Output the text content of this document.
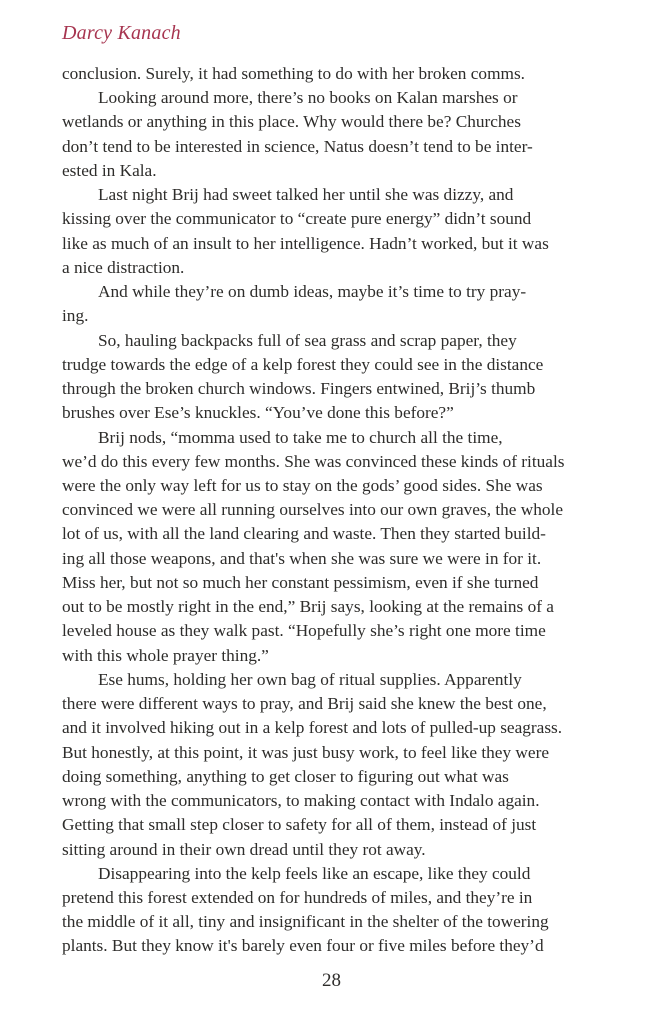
Darcy Kanach
conclusion. Surely, it had something to do with her broken comms.
Looking around more, there’s no books on Kalan marshes or
wetlands or anything in this place. Why would there be? Churches
don’t tend to be interested in science, Natus doesn’t tend to be inter-
ested in Kala.
Last night Brij had sweet talked her until she was dizzy, and
kissing over the communicator to “create pure energy” didn’t sound
like as much of an insult to her intelligence. Hadn’t worked, but it was
a nice distraction.
And while they’re on dumb ideas, maybe it’s time to try pray-
ing.
So, hauling backpacks full of sea grass and scrap paper, they
trudge towards the edge of a kelp forest they could see in the distance
through the broken church windows. Fingers entwined, Brij’s thumb
brushes over Ese’s knuckles. “You’ve done this before?”
Brij nods, “momma used to take me to church all the time,
we’d do this every few months. She was convinced these kinds of rituals
were the only way left for us to stay on the gods’ good sides. She was
convinced we were all running ourselves into our own graves, the whole
lot of us, with all the land clearing and waste. Then they started build-
ing all those weapons, and that's when she was sure we were in for it.
Miss her, but not so much her constant pessimism, even if she turned
out to be mostly right in the end,” Brij says, looking at the remains of a
leveled house as they walk past. “Hopefully she’s right one more time
with this whole prayer thing.”
Ese hums, holding her own bag of ritual supplies. Apparently
there were different ways to pray, and Brij said she knew the best one,
and it involved hiking out in a kelp forest and lots of pulled-up seagrass.
But honestly, at this point, it was just busy work, to feel like they were
doing something, anything to get closer to figuring out what was
wrong with the communicators, to making contact with Indalo again.
Getting that small step closer to safety for all of them, instead of just
sitting around in their own dread until they rot away.
Disappearing into the kelp feels like an escape, like they could
pretend this forest extended on for hundreds of miles, and they’re in
the middle of it all, tiny and insignificant in the shelter of the towering
plants. But they know it's barely even four or five miles before they’d
28
